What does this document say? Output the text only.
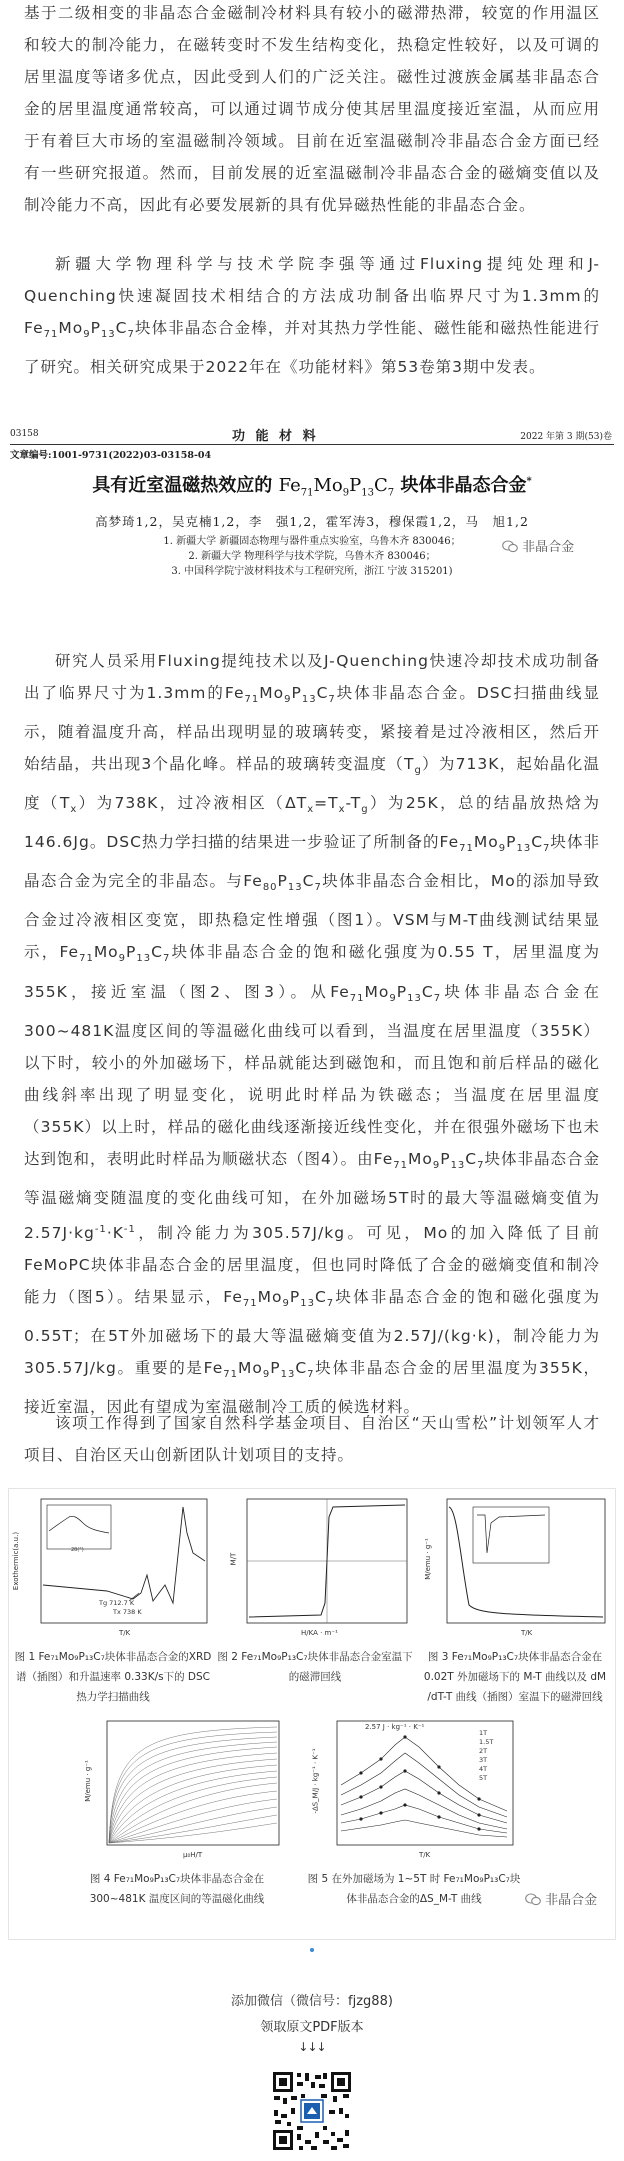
基于二级相变的非晶态合金磁制冷材料具有较小的磁滞热滞，较宽的作用温区和较大的制冷能力，在磁转变时不发生结构变化，热稳定性较好，以及可调的居里温度等诸多优点，因此受到人们的广泛关注。磁性过渡族金属基非晶态合金的居里温度通常较高，可以通过调节成分使其居里温度接近室温，从而应用于有着巨大市场的室温磁制冷领域。目前在近室温磁制冷非晶态合金方面已经有一些研究报道。然而，目前发展的近室温磁制冷非晶态合金的磁熵变值以及制冷能力不高，因此有必要发展新的具有优异磁热性能的非晶态合金。

新疆大学物理科学与技术学院李强等通过Fluxing提纯处理和J-Quenching快速凝固技术相结合的方法成功制备出临界尺寸为1.3mm的$Fe_{71}Mo_9P_{13}C_7$块体非晶态合金棒，并对其热力学性能、磁性能和磁热性能进行了研究。相关研究成果于2022年在《功能材料》第53卷第3期中发表。

03158	功 能 材 料	2022 年第 3 期(53)卷
文章编号:1001-9731(2022)03-03158-04
具有近室温磁热效应的 $Fe_{71}Mo_9P_{13}C_7$ 块体非晶态合金*
高梦琦1,2，吴克楠1,2，李　强1,2，霍军涛3，穆保霞1,2，马　旭1,2
1. 新疆大学 新疆固态物理与器件重点实验室，乌鲁木齐 830046；
2. 新疆大学 物理科学与技术学院，乌鲁木齐 830046；
3. 中国科学院宁波材料技术与工程研究所，浙江 宁波 315201)
非晶合金

研究人员采用Fluxing提纯技术以及J-Quenching快速冷却技术成功制备出了临界尺寸为1.3mm的$Fe_{71}Mo_9P_{13}C_7$块体非晶态合金。DSC扫描曲线显示，随着温度升高，样品出现明显的玻璃转变，紧接着是过冷液相区，然后开始结晶，共出现3个晶化峰。样品的玻璃转变温度$(T_g)$为713K，起始晶化温度$(T_x)$为738K，过冷液相区$(\Delta T_x=T_x-T_g)$为25K，总的结晶放热焓为146.6Jg。DSC热力学扫描的结果进一步验证了所制备的$Fe_{71}Mo_9P_{13}C_7$块体非晶态合金为完全的非晶态。与$Fe_{80}P_{13}C_7$块体非晶态合金相比，Mo的添加导致合金过冷液相区变宽，即热稳定性增强（图1）。VSM与M-T曲线测试结果显示，$Fe_{71}Mo_9P_{13}C_7$块体非晶态合金的饱和磁化强度为0.55 T，居里温度为355K，接近室温（图2、图3）。从$Fe_{71}Mo_9P_{13}C_7$块体非晶态合金在300~481K温度区间的等温磁化曲线可以看到，当温度在居里温度（355K）以下时，较小的外加磁场下，样品就能达到磁饱和，而且饱和前后样品的磁化曲线斜率出现了明显变化，说明此时样品为铁磁态；当温度在居里温度（355K）以上时，样品的磁化曲线逐渐接近线性变化，并在很强外磁场下也未达到饱和，表明此时样品为顺磁状态（图4）。由$Fe_{71}Mo_9P_{13}C_7$块体非晶态合金等温磁熵变随温度的变化曲线可知，在外加磁场5T时的最大等温磁熵变值为$2.57J\cdot kg^{-1}\cdot K^{-1}$，制冷能力为305.57J/kg。可见，Mo的加入降低了目前FeMoPC块体非晶态合金的居里温度，但也同时降低了合金的磁熵变值和制冷能力（图5）。结果显示，$Fe_{71}Mo_9P_{13}C_7$块体非晶态合金的饱和磁化强度为0.55T；在5T外加磁场下的最大等温磁熵变值为2.57J/(kg·k)，制冷能力为305.57J/kg。重要的是$Fe_{71}Mo_9P_{13}C_7$块体非晶态合金的居里温度为355K，接近室温，因此有望成为室温磁制冷工质的候选材料。

该项工作得到了国家自然科学基金项目、自治区“天山雪松”计划领军人才项目、自治区天山创新团队计划项目的支持。

Exothermic(a.u.)
T/K
Tg 712.7 K
Tx 738 K
2θ(°)
图 1 Fe₇₁Mo₉P₁₃C₇块体非晶态合金的XRD 谱（插图）和升温速率 0.33K/s下的 DSC 热力学扫描曲线
M/T
H/KA · m⁻¹
图 2 Fe₇₁Mo₉P₁₃C₇块体非晶态合金室温下的磁滞回线
M/emu · g⁻¹
T/K
图 3 Fe₇₁Mo₉P₁₃C₇块体非晶态合金在0.02T 外加磁场下的 M-T 曲线以及 dM /dT-T 曲线（插图）室温下的磁滞回线
M/emu · g⁻¹
μ₀H/T
图 4 Fe₇₁Mo₉P₁₃C₇块体非晶态合金在300~481K 温度区间的等温磁化曲线
-ΔS_M/J · kg⁻¹ · K⁻¹
T/K
2.57 J · kg⁻¹ · K⁻¹
1T
1.5T
2T
3T
4T
5T
图 5 在外加磁场为 1~5T 时 Fe₇₁Mo₉P₁₃C₇块体非晶态合金的ΔS_M-T 曲线	非晶合金
添加微信（微信号：fjzg88)
领取原文PDF版本
↓↓↓
